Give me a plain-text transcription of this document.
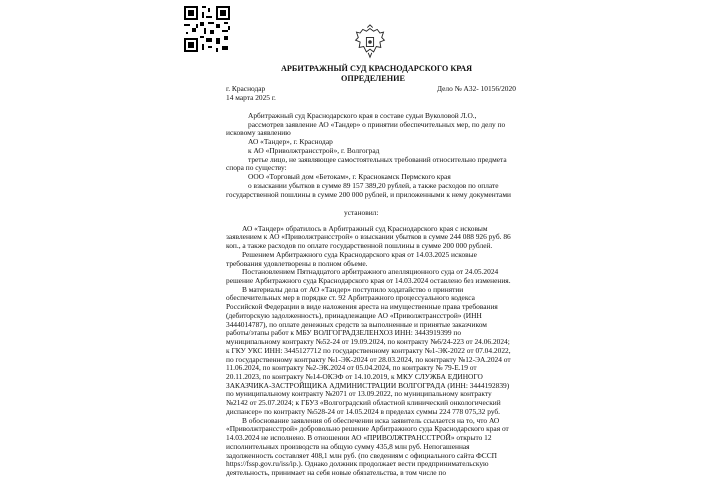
АРБИТРАЖНЫЙ СУД КРАСНОДАРСКОГО КРАЯ
ОПРЕДЕЛЕНИЕ
г. Краснодар	Дело № А32- 10156/2020
14 марта 2025 г.
Арбитражный суд Краснодарского края в составе судьи Вуколовой Л.О.,
рассмотрев заявление АО «Тандер» о принятии обеспечительных мер, по делу по
исковому заявлению
АО «Тандер», г. Краснодар
к АО «Приволжтрансстрой», г. Волгоград
третье лицо, не заявляющее самостоятельных требований относительно предмета
спора по существу:
ООО «Торговый дом «Бетокам», г. Краснокамск Пермского края
о взыскании убытков в сумме 89 157 389,20 рублей, а также расходов по оплате
государственной пошлины в сумме 200 000 рублей, и приложенными к нему документами
установил:
АО «Тандер» обратилось в Арбитражный суд Краснодарского края с исковым
заявлением к АО «Приволжтрансстрой» о взыскании убытков в сумме 244 088 926 руб. 86
коп., а также расходов по оплате государственной пошлины в сумме 200 000 рублей.
Решением Арбитражного суда Краснодарского края от 14.03.2025 исковые
требования удовлетворены в полном объеме.
Постановлением Пятнадцатого арбитражного апелляционного суда от 24.05.2024
решение Арбитражного суда Краснодарского края от 14.03.2024 оставлено без изменения.
В материалы дела от АО «Тандер» поступило ходатайство о принятии
обеспечительных мер в порядке ст. 92 Арбитражного процессуального кодекса
Российской Федерации в виде наложения ареста на имущественные права требования
(дебиторскую задолженность), принадлежащие АО «Приволжтрансстрой» (ИНН
3444014787), по оплате денежных средств за выполненные и принятые заказчиком
работы/этапы работ к МБУ ВОЛГОГРАДЗЕЛЕНХОЗ ИНН: 3443919399 по
муниципальному контракту №52-24 от 19.09.2024, по контракту №6/24-223 от 24.06.2024;
к ГКУ УКС ИНН: 3445127712 по государственному контракту №1-ЭК-2022 от 07.04.2022,
по государственному контракту №1-ЭК-2024 от 28.03.2024, по контракту №12-ЭА.2024 от
11.06.2024, по контракту №2-ЭК.2024 от 05.04.2024, по контракту № 79-Е.19 от
20.11.2023, по контракту №14-ОКЭФ от 14.10.2019, к МКУ СЛУЖБА ЕДИНОГО
ЗАКАЗЧИКА-ЗАСТРОЙЩИКА АДМИНИСТРАЦИИ ВОЛГОГРАДА (ИНН: 3444192839)
по муниципальному контракту №2071 от 13.09.2022, по муниципальному контракту
№2142 от 25.07.2024; к ГБУЗ «Волгоградский областной клинический онкологический
диспансер» по контракту №528-24 от 14.05.2024 в пределах суммы 224 778 075,32 руб.
В обоснование заявления об обеспечении иска заявитель ссылается на то, что АО
«Приволжтрансстрой» добровольно решение Арбитражного суда Краснодарского края от
14.03.2024 не исполнено. В отношении АО «ПРИВОЛЖТРАНССТРОЙ» открыто 12
исполнительных производств на общую сумму 435,8 млн руб. Непогашенная
задолженность составляет 408,1 млн руб. (по сведениям с официального сайта ФССП
https://fssp.gov.ru/iss/ip.). Однако должник продолжает вести предпринимательскую
деятельность, принимает на себя новые обязательства, в том числе по
